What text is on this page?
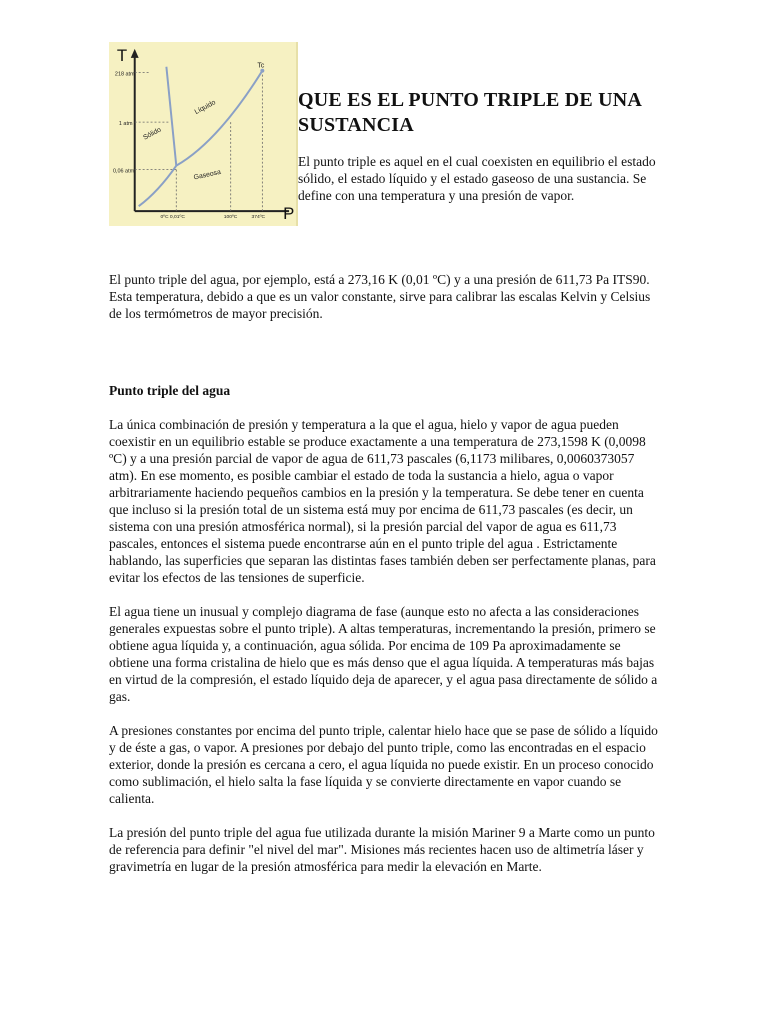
T
P
218 atm
1 atm
0,06 atm
Tc
Sólido
Líquido
Gaseosa
0ºC 0,01ºC	100ºC	374ºC
QUE ES EL PUNTO TRIPLE DE UNA SUSTANCIA

El punto triple es aquel en el cual coexisten en equilibrio el estado sólido, el estado líquido y el estado gaseoso de una sustancia. Se define con una temperatura y una presión de vapor.

El punto triple del agua, por ejemplo, está a 273,16 K (0,01 ºC) y a una presión de 611,73 Pa ITS90. Esta temperatura, debido a que es un valor constante, sirve para calibrar las escalas Kelvin y Celsius de los termómetros de mayor precisión.

Punto triple del agua

La única combinación de presión y temperatura a la que el agua, hielo y vapor de agua pueden coexistir en un equilibrio estable se produce exactamente a una temperatura de 273,1598 K (0,0098 ºC) y a una presión parcial de vapor de agua de 611,73 pascales (6,1173 milibares, 0,0060373057 atm). En ese momento, es posible cambiar el estado de toda la sustancia a hielo, agua o vapor arbitrariamente haciendo pequeños cambios en la presión y la temperatura. Se debe tener en cuenta que incluso si la presión total de un sistema está muy por encima de 611,73 pascales (es decir, un sistema con una presión atmosférica normal), si la presión parcial del vapor de agua es 611,73 pascales, entonces el sistema puede encontrarse aún en el punto triple del agua . Estrictamente hablando, las superficies que separan las distintas fases también deben ser perfectamente planas, para evitar los efectos de las tensiones de superficie.

El agua tiene un inusual y complejo diagrama de fase (aunque esto no afecta a las consideraciones generales expuestas sobre el punto triple). A altas temperaturas, incrementando la presión, primero se obtiene agua líquida y, a continuación, agua sólida. Por encima de 109 Pa aproximadamente se obtiene una forma cristalina de hielo que es más denso que el agua líquida. A temperaturas más bajas en virtud de la compresión, el estado líquido deja de aparecer, y el agua pasa directamente de sólido a gas.

A presiones constantes por encima del punto triple, calentar hielo hace que se pase de sólido a líquido y de éste a gas, o vapor. A presiones por debajo del punto triple, como las encontradas en el espacio exterior, donde la presión es cercana a cero, el agua líquida no puede existir. En un proceso conocido como sublimación, el hielo salta la fase líquida y se convierte directamente en vapor cuando se calienta.

La presión del punto triple del agua fue utilizada durante la misión Mariner 9 a Marte como un punto de referencia para definir "el nivel del mar". Misiones más recientes hacen uso de altimetría láser y gravimetría en lugar de la presión atmosférica para medir la elevación en Marte.
